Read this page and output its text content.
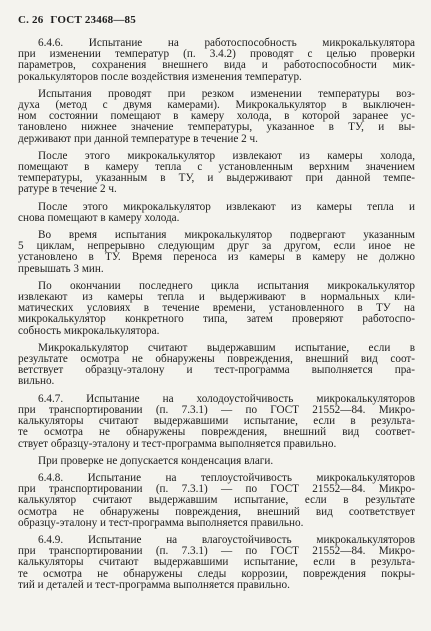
С. 26 ГОСТ 23468—85

6.4.6. Испытание на работоспособность микрокалькулятора
при изменении температур (п. 3.4.2) проводят с целью проверки
параметров, сохранения внешнего вида и работоспособности мик-
рокалькуляторов после воздействия изменения температур.

Испытания проводят при резком изменении температуры воз-
духа (метод с двумя камерами). Микрокалькулятор в выключен-
ном состоянии помещают в камеру холода, в которой заранее ус-
тановлено нижнее значение температуры, указанное в ТУ, и вы-
держивают при данной температуре в течение 2 ч.

После этого микрокалькулятор извлекают из камеры холода,
помещают в камеру тепла с установленным верхним значением
температуры, указанным в ТУ, и выдерживают при данной темпе-
ратуре в течение 2 ч.

После этого микрокалькулятор извлекают из камеры тепла и
снова помещают в камеру холода.

Во время испытания микрокалькулятор подвергают указанным
5 циклам, непрерывно следующим друг за другом, если иное не
установлено в ТУ. Время переноса из камеры в камеру не должно
превышать 3 мин.

По окончании последнего цикла испытания микрокалькулятор
извлекают из камеры тепла и выдерживают в нормальных кли-
матических условиях в течение времени, установленного в ТУ на
микрокалькулятор конкретного типа, затем проверяют работоспо-
собность микрокалькулятора.

Микрокалькулятор считают выдержавшим испытание, если в
результате осмотра не обнаружены повреждения, внешний вид соот-
ветствует образцу-эталону и тест-программа выполняется пра-
вильно.

6.4.7. Испытание на холодоустойчивость микрокалькуляторов
при транспортировании (п. 7.3.1) — по ГОСТ 21552—84. Микро-
калькуляторы считают выдержавшими испытание, если в результа-
те осмотра не обнаружены повреждения, внешний вид соответ-
ствует образцу-эталону и тест-программа выполняется правильно.

При проверке не допускается конденсация влаги.

6.4.8. Испытание на теплоустойчивость микрокалькуляторов
при транспортировании (п. 7.3.1) — по ГОСТ 21552—84. Микро-
калькулятор считают выдержавшим испытание, если в результате
осмотра не обнаружены повреждения, внешний вид соответствует
образцу-эталону и тест-программа выполняется правильно.

6.4.9. Испытание на влагоустойчивость микрокалькуляторов
при транспортировании (п. 7.3.1) — по ГОСТ 21552—84. Микро-
калькуляторы считают выдержавшими испытание, если в результа-
те осмотра не обнаружены следы коррозии, повреждения покры-
тий и деталей и тест-программа выполняется правильно.
